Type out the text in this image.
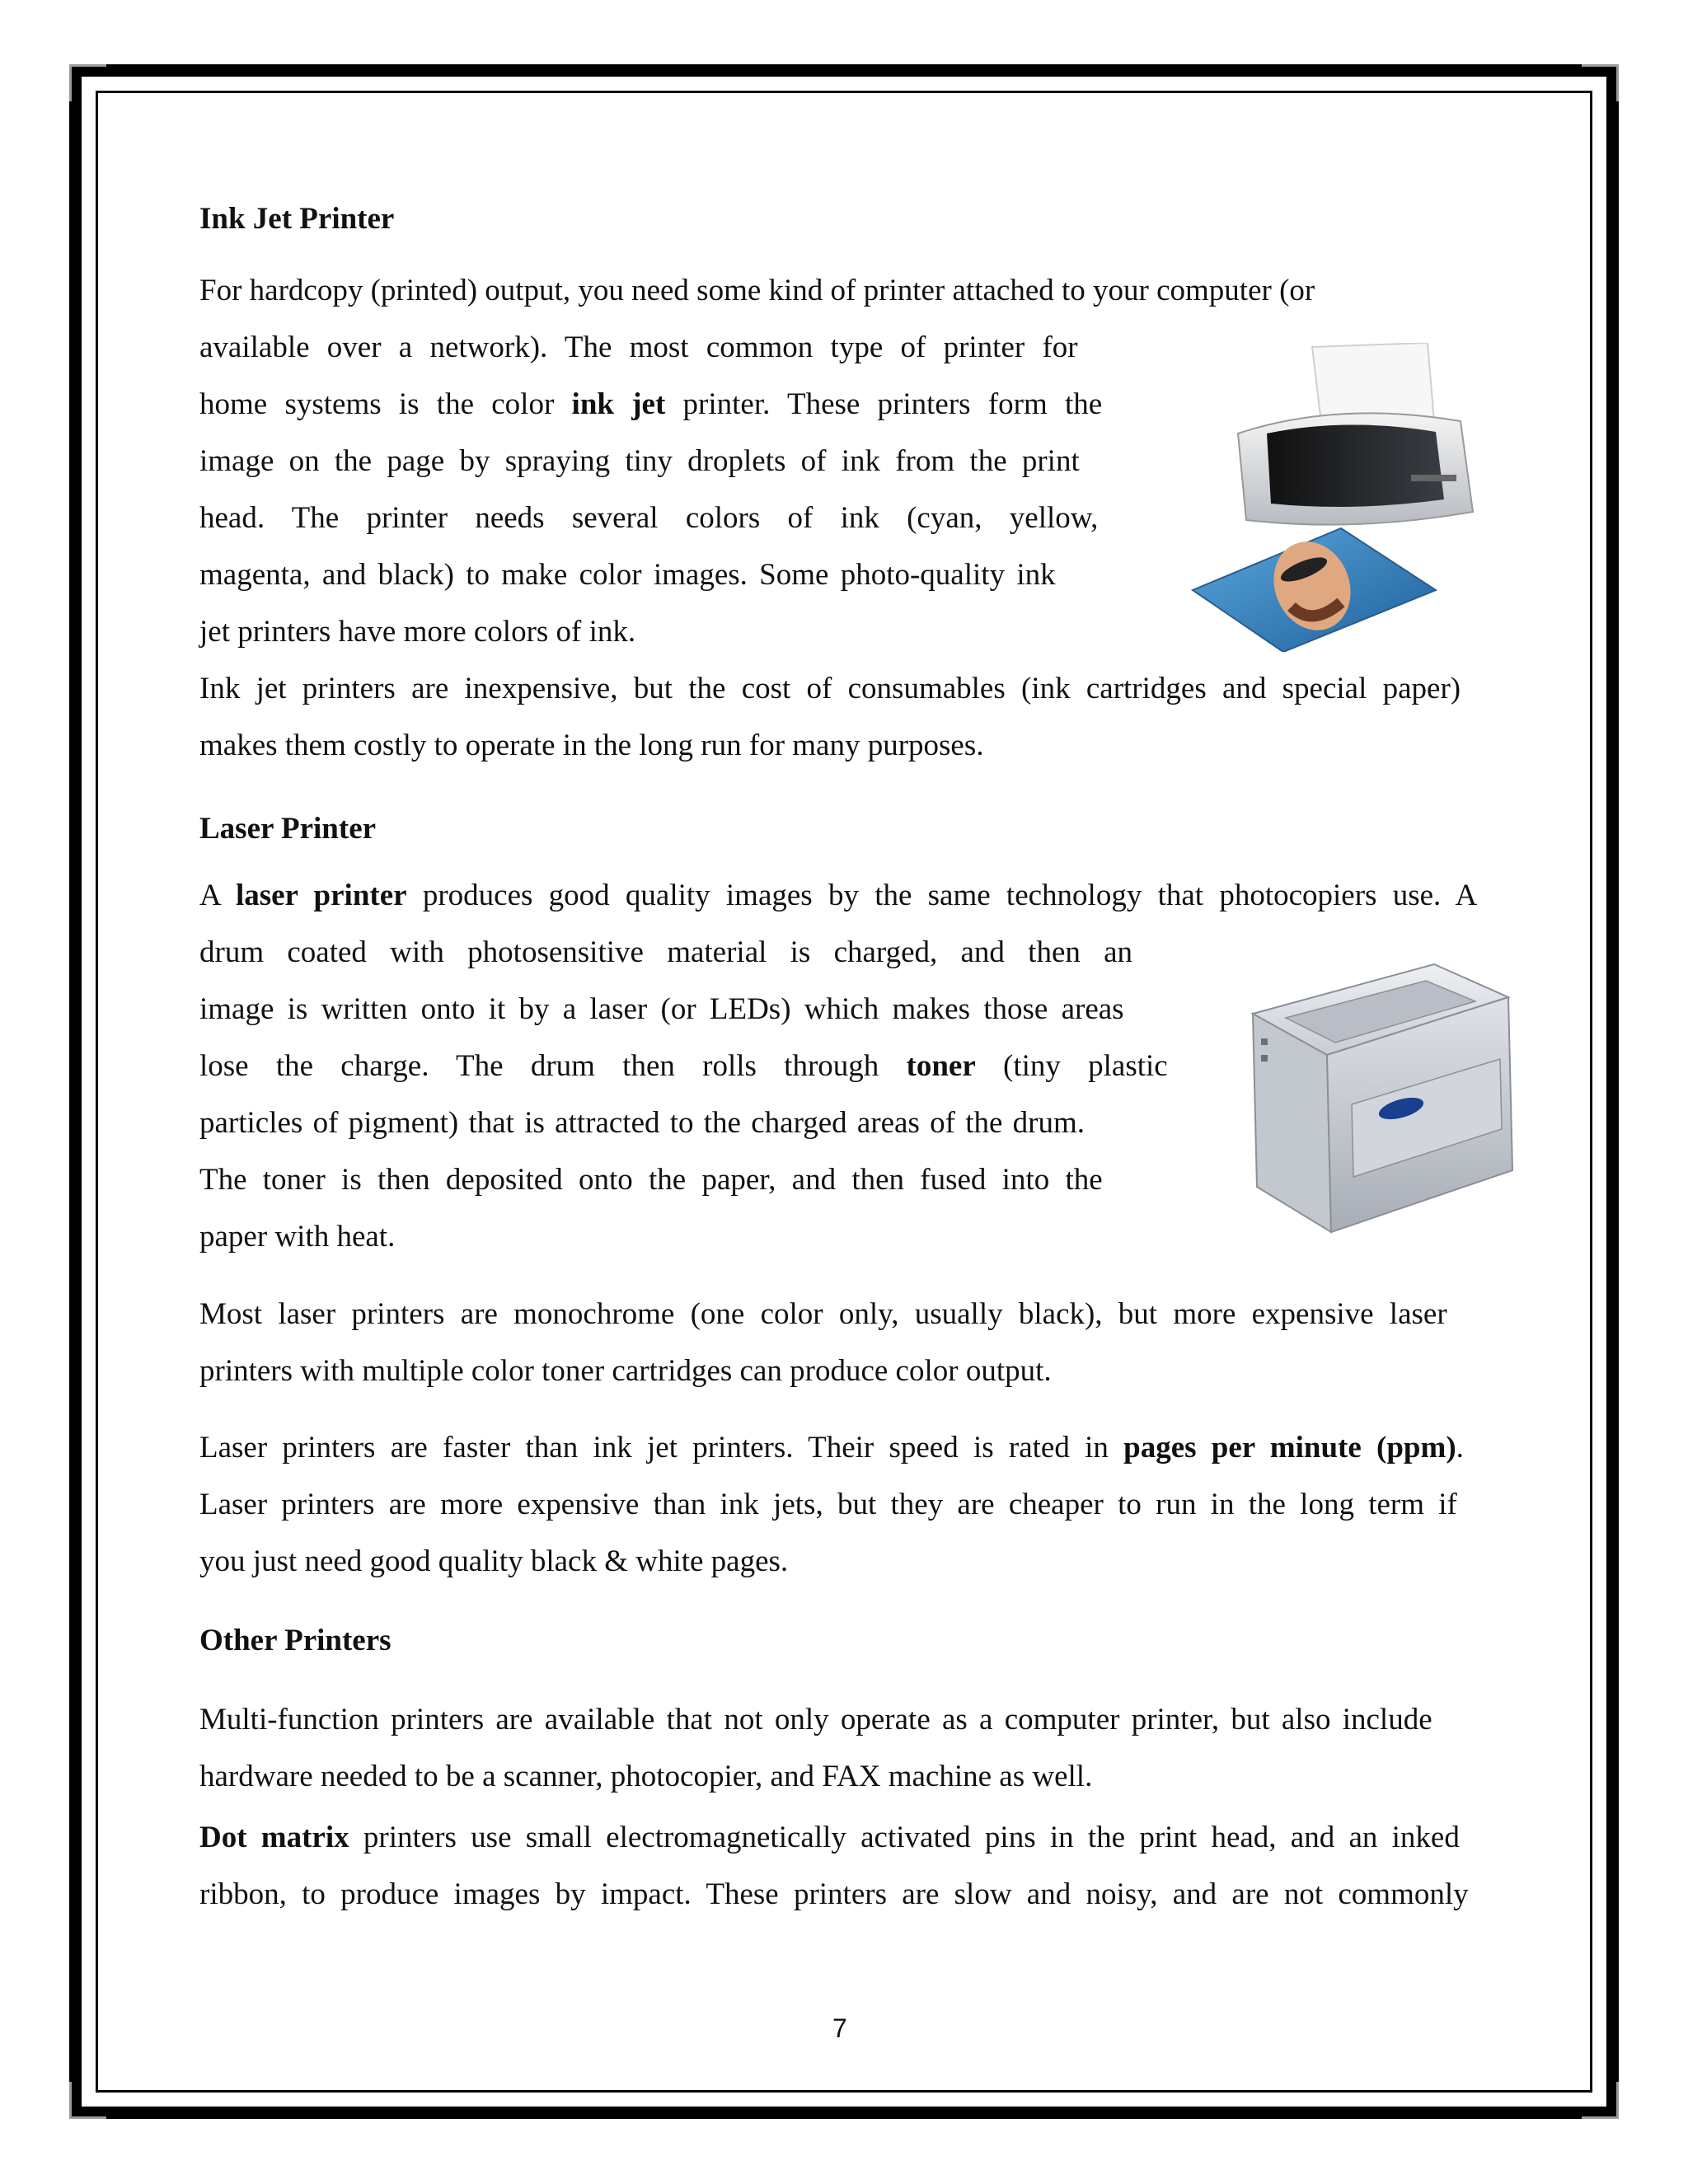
Ink Jet Printer
For hardcopy (printed) output, you need some kind of printer attached to your computer (or
available over a network). The most common type of printer for
home systems is the color ink jet printer. These printers form the
image on the page by spraying tiny droplets of ink from the print
head. The printer needs several colors of ink (cyan, yellow,
magenta, and black) to make color images. Some photo-quality ink
jet printers have more colors of ink.
Ink jet printers are inexpensive, but the cost of consumables (ink cartridges and special paper)
makes them costly to operate in the long run for many purposes.
Laser Printer
A laser printer produces good quality images by the same technology that photocopiers use. A
drum coated with photosensitive material is charged, and then an
image is written onto it by a laser (or LEDs) which makes those areas
lose the charge. The drum then rolls through toner (tiny plastic
particles of pigment) that is attracted to the charged areas of the drum.
The toner is then deposited onto the paper, and then fused into the
paper with heat.
Most laser printers are monochrome (one color only, usually black), but more expensive laser
printers with multiple color toner cartridges can produce color output.
Laser printers are faster than ink jet printers. Their speed is rated in pages per minute (ppm).
Laser printers are more expensive than ink jets, but they are cheaper to run in the long term if
you just need good quality black & white pages.
Other Printers
Multi-function printers are available that not only operate as a computer printer, but also include
hardware needed to be a scanner, photocopier, and FAX machine as well.
Dot matrix printers use small electromagnetically activated pins in the print head, and an inked
ribbon, to produce images by impact. These printers are slow and noisy, and are not commonly
7
